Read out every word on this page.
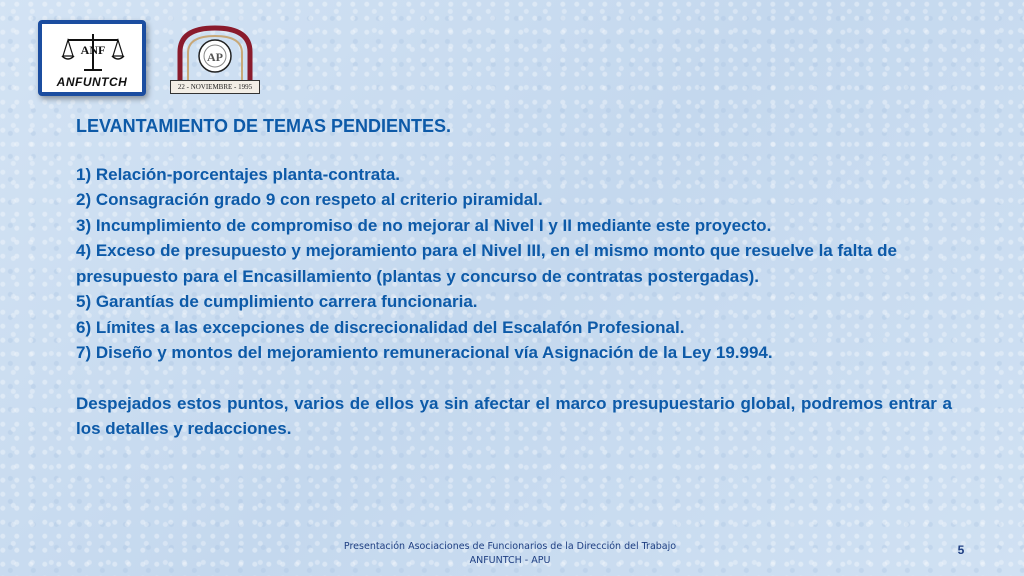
ANF
ANFUNTCH
AP
22 - NOVIEMBRE - 1995
LEVANTAMIENTO DE TEMAS PENDIENTES.
1) Relación-porcentajes planta-contrata.
2) Consagración grado 9 con respeto al criterio piramidal.
3) Incumplimiento de compromiso de no mejorar al Nivel I y II mediante este proyecto.
4) Exceso de presupuesto y mejoramiento para el Nivel III, en el mismo monto que resuelve la falta de presupuesto para el Encasillamiento (plantas y concurso de contratas postergadas).
5) Garantías de cumplimiento carrera funcionaria.
6) Límites a las excepciones de discrecionalidad del Escalafón Profesional.
7) Diseño y montos del mejoramiento remuneracional vía Asignación de la Ley 19.994.
Despejados estos puntos, varios de ellos ya sin afectar el marco presupuestario global, podremos entrar a los detalles y redacciones.
Presentación Asociaciones de Funcionarios de la Dirección del Trabajo
ANFUNTCH - APU
5
